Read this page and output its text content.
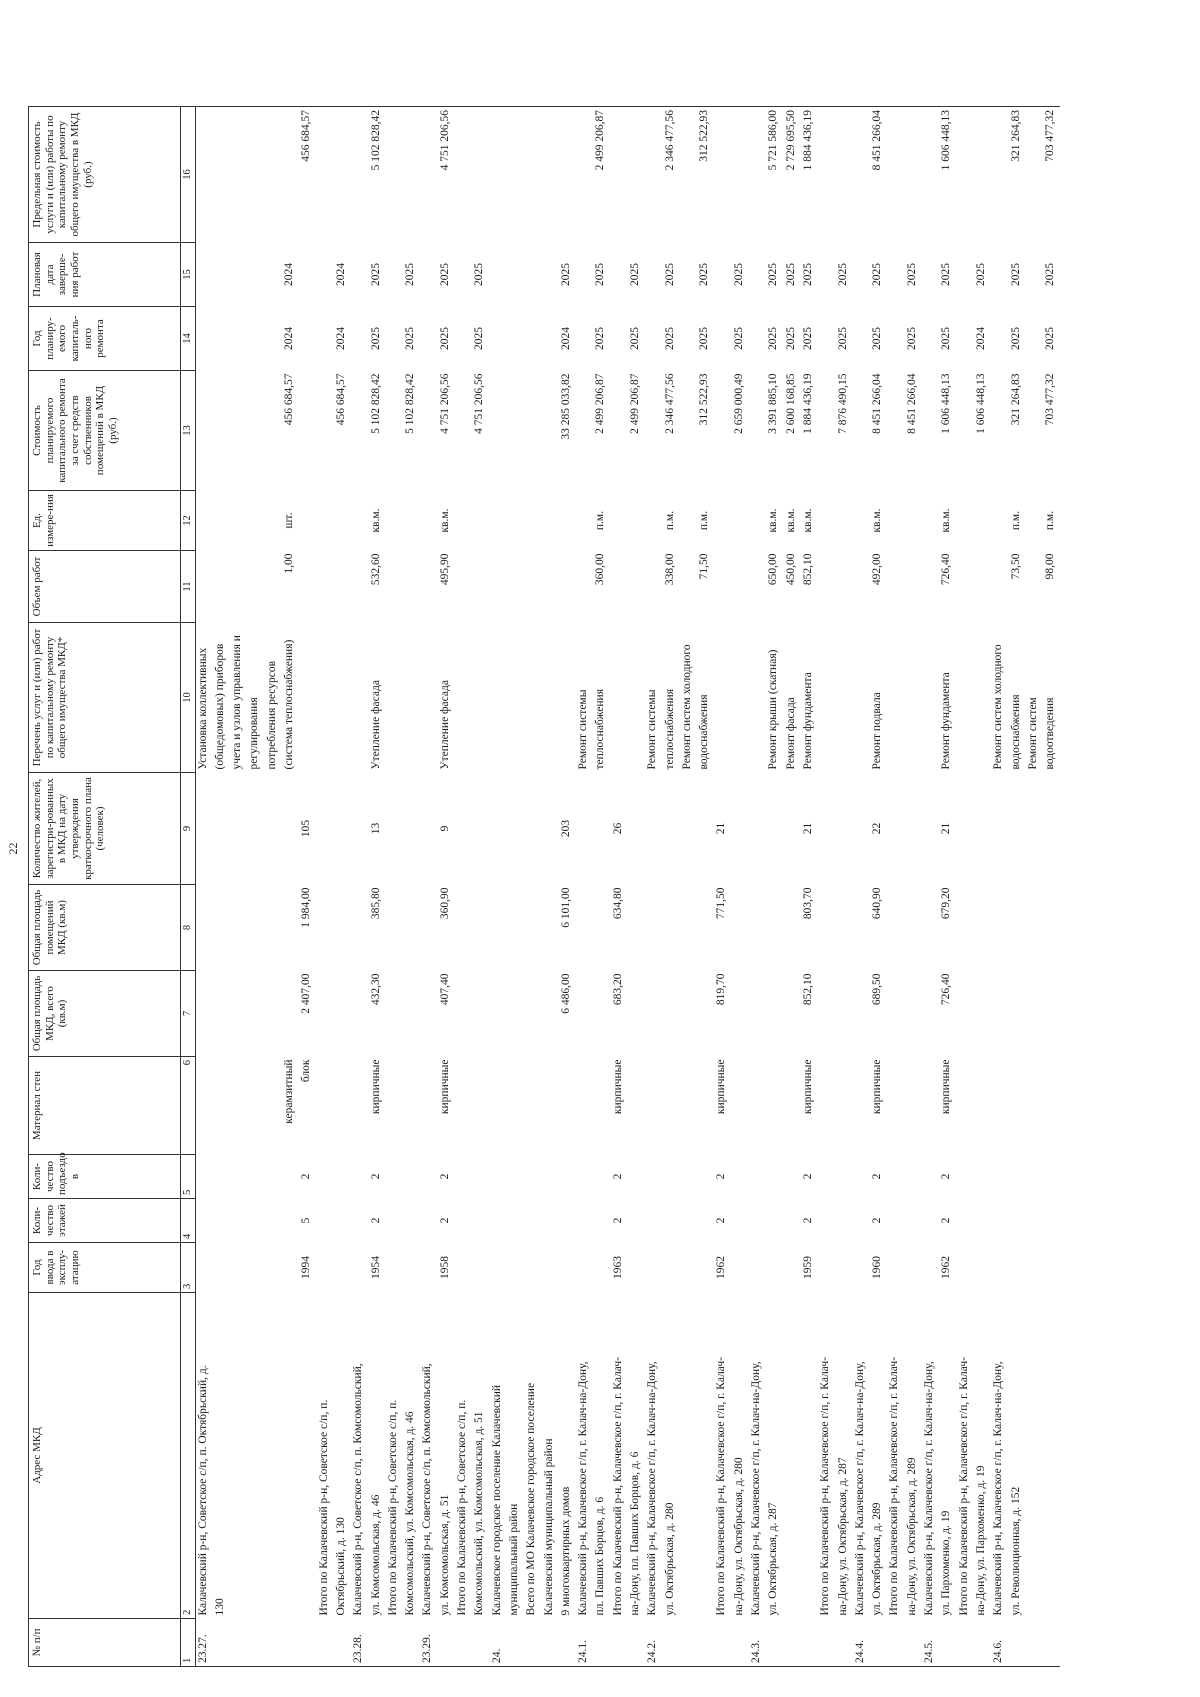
22
№ п/п	Адрес МКД	Год ввода в эксплу-атацию	Коли-чество этажей	Коли-чество подъездо в	Материал стен	Общая площадь МКД, всего (кв.м)	Общая площадь помещений МКД (кв.м)	Количество жителей, зарегистри-рованных в МКД на дату утверждения краткосрочного плана (человек)	Перечень услуг и (или) работ по капитальному ремонту общего имущества МКД*	Объем работ	Ед. измере-ния	Стоимость планируемого капитального ремонта за счет средств собственников помещений в МКД (руб.)	Год планиру-емого капиталь-ного ремонта	Плановая дата заверше-ния работ	Предельная стоимость услуги и (или) работы по капитальному ремонту общего имущества в МКД (руб.)
1	2	3	4	5	6	7	8	9	10	11	12	13	14	15	16
23.27.	Калачевский р-н, Советское с/п, п. Октябрьский, д.								Установка коллективных						
	130								(общедомовых) приборов						
									учета и узлов управления и						
									регулирования						
									потребления ресурсов						
					керамзитный				(система теплоснабжения)	1,00	шт.	456 684,57	2024	2024	
		1994	5	2	блок	2 407,00	1 984,00	105							456 684,57
	Итого по Калачевский р-н, Советское с/п, п.														
	Октябрьский, д. 130											456 684,57	2024	2024	
23.28.	Калачевский р-н, Советское с/п, п. Комсомольский,														
	ул. Комсомольская, д. 46	1954	2	2	кирпичные	432,30	385,80	13	Утепление фасада	532,60	кв.м.	5 102 828,42	2025	2025	5 102 828,42
	Итого по Калачевский р-н, Советское с/п, п.														
	Комсомольский, ул. Комсомольская, д. 46											5 102 828,42	2025	2025	
23.29.	Калачевский р-н, Советское с/п, п. Комсомольский,														
	ул. Комсомольская, д. 51	1958	2	2	кирпичные	407,40	360,90	9	Утепление фасада	495,90	кв.м.	4 751 206,56	2025	2025	4 751 206,56
	Итого по Калачевский р-н, Советское с/п, п.														
	Комсомольский, ул. Комсомольская, д. 51											4 751 206,56	2025	2025	
24.	Калачевское городское поселение Калачевский														
	муниципальный район														
	Всего по МО Калачевское городское поселение														
	Калачевский муниципальный район														
	9 многоквартирных домов					6 486,00	6 101,00	203				33 285 033,82	2024	2025	
24.1.	Калачевский р-н, Калачевское г/п, г. Калач-на-Дону,								Ремонт системы						
	пл. Павших Борцов, д. 6								теплоснабжения	360,00	п.м.	2 499 206,87	2025	2025	2 499 206,87
	Итого по Калачевский р-н, Калачевское г/п, г. Калач-	1963	2	2	кирпичные	683,20	634,80	26							
	на-Дону, пл. Павших Борцов, д. 6											2 499 206,87	2025	2025	
24.2.	Калачевский р-н, Калачевское г/п, г. Калач-на-Дону,								Ремонт системы						
	ул. Октябрьская, д. 280								теплоснабжения	338,00	п.м.	2 346 477,56	2025	2025	2 346 477,56
									Ремонт систем холодного						
									водоснабжения	71,50	п.м.	312 522,93	2025	2025	312 522,93
	Итого по Калачевский р-н, Калачевское г/п, г. Калач-	1962	2	2	кирпичные	819,70	771,50	21							
	на-Дону, ул. Октябрьская, д. 280											2 659 000,49	2025	2025	
24.3.	Калачевский р-н, Калачевское г/п, г. Калач-на-Дону,														
	ул. Октябрьская, д. 287								Ремонт крыши (скатная)	650,00	кв.м.	3 391 885,10	2025	2025	5 721 586,00
									Ремонт фасада	450,00	кв.м.	2 600 168,85	2025	2025	2 729 695,50
		1959	2	2	кирпичные	852,10	803,70	21	Ремонт фундамента	852,10	кв.м.	1 884 436,19	2025	2025	1 884 436,19
	Итого по Калачевский р-н, Калачевское г/п, г. Калач-														
	на-Дону, ул. Октябрьская, д. 287											7 876 490,15	2025	2025	
24.4.	Калачевский р-н, Калачевское г/п, г. Калач-на-Дону,														
	ул. Октябрьская, д. 289	1960	2	2	кирпичные	689,50	640,90	22	Ремонт подвала	492,00	кв.м.	8 451 266,04	2025	2025	8 451 266,04
	Итого по Калачевский р-н, Калачевское г/п, г. Калач-														
	на-Дону, ул. Октябрьская, д. 289											8 451 266,04	2025	2025	
24.5.	Калачевский р-н, Калачевское г/п, г. Калач-на-Дону,														
	ул. Пархоменко, д. 19	1962	2	2	кирпичные	726,40	679,20	21	Ремонт фундамента	726,40	кв.м.	1 606 448,13	2025	2025	1 606 448,13
	Итого по Калачевский р-н, Калачевское г/п, г. Калач-														
	на-Дону, ул. Пархоменко, д. 19											1 606 448,13	2024	2025	
24.6.	Калачевский р-н, Калачевское г/п, г. Калач-на-Дону,								Ремонт систем холодного						
	ул. Революционная, д. 152								водоснабжения	73,50	п.м.	321 264,83	2025	2025	321 264,83
									Ремонт систем						
									водоотведения	98,00	п.м.	703 477,32	2025	2025	703 477,32
